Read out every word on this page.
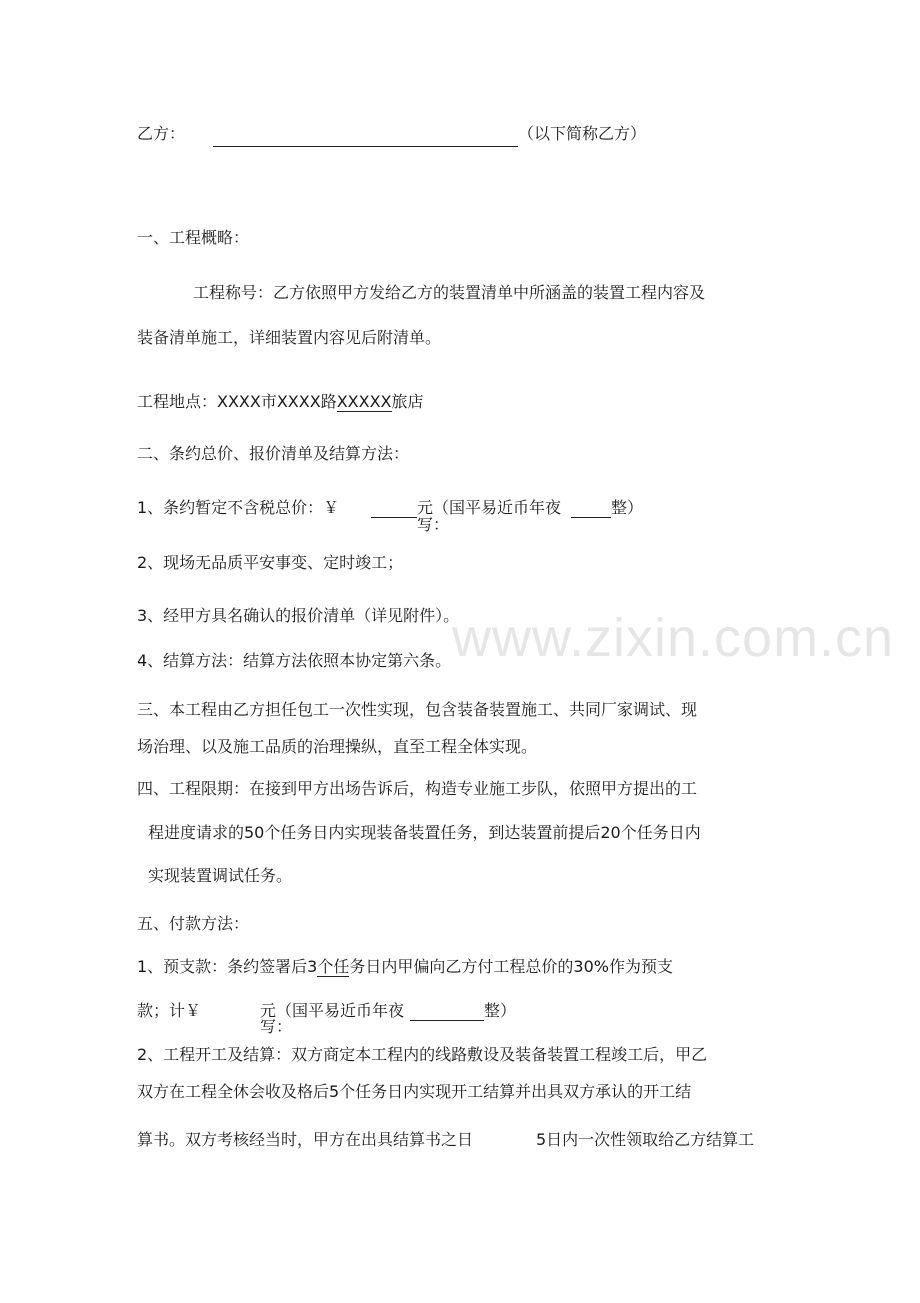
www.zixin.com.cn
乙方：	（以下简称乙方）
一、工程概略：
工程称号：乙方依照甲方发给乙方的装置清单中所涵盖的装置工程内容及
装备清单施工，详细装置内容见后附清单。
工程地点：XXXX市XXXX路XXXXX旅店
二、条约总价、报价清单及结算方法：
1、条约暂定不含税总价：￥	元（国平易近币年夜
写：
整）
2、现场无品质平安事变、定时竣工；
3、经甲方具名确认的报价清单（详见附件）。
4、结算方法：结算方法依照本协定第六条。
三、本工程由乙方担任包工一次性实现，包含装备装置施工、共同厂家调试、现
场治理、以及施工品质的治理操纵，直至工程全体实现。
四、工程限期：在接到甲方出场告诉后，构造专业施工步队，依照甲方提出的工
程进度请求的50个任务日内实现装备装置任务，到达装置前提后20个任务日内
实现装置调试任务。
五、付款方法：
1、预支款：条约签署后3个任务日内甲偏向乙方付工程总价的30%作为预支
款；计￥	元（国平易近币年夜
写：
整）
2、工程开工及结算：双方商定本工程内的线路敷设及装备装置工程竣工后，甲乙
双方在工程全休会收及格后5个任务日内实现开工结算并出具双方承认的开工结
算书。双方考核经当时，甲方在出具结算书之日	5日内一次性领取给乙方结算工
